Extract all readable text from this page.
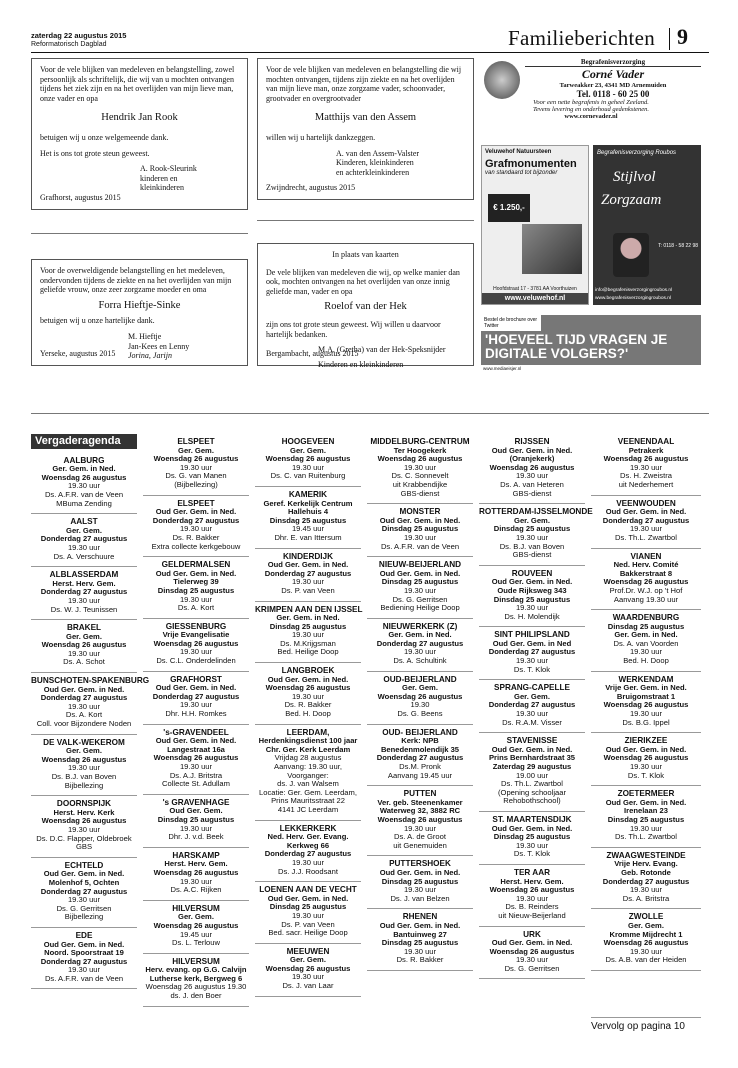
zaterdag 22 augustus 2015
Reformatorisch Dagblad	Familieberichten 9

Voor de vele blijken van medeleven en belangstelling, zowel persoonlijk als schriftelijk, die wij van u mochten ontvangen tijdens het ziek zijn en na het overlijden van mijn lieve man, onze vader en opa

Hendrik Jan Rook

betuigen wij u onze welgemeende dank.

Het is ons tot grote steun geweest.

A. Rook-Sleurink
kinderen en
kleinkinderen
Grafhorst, augustus 2015

Voor de vele blijken van medeleven en belangstelling die wij mochten ontvangen, tijdens zijn ziekte en na het overlijden van mijn lieve man, onze zorgzame vader, schoonvader, grootvader en overgrootvader

Matthijs van den Assem

willen wij u hartelijk dankzeggen.

A. van den Assem-Valster
Kinderen, kleinkinderen
en achterkleinkinderen
Zwijndrecht, augustus 2015

Voor de overweldigende belangstelling en het medeleven, ondervonden tijdens de ziekte en na het overlijden van mijn geliefde vrouw, onze zeer zorgzame moeder en oma

Forra Hieftje-Sinke

betuigen wij u onze hartelijke dank.

M. Hieftje
Jan-Kees en Lenny
Jorina, Jarijn
Yerseke, augustus 2015
In plaats van kaarten

De vele blijken van medeleven die wij, op welke manier dan ook, mochten ontvangen na het overlijden van onze innig geliefde man, vader en opa

Roelof van der Hek

zijn ons tot grote steun geweest. Wij willen u daarvoor hartelijk bedanken.

M.A. (Gretha) van der Hek-Speksnijder
Kinderen en kleinkinderen
Bergambacht, augustus 2015
Begrafenisverzorging
Corné Vader
Tarweakker 23, 4341 MD Arnemuiden
Tel. 0118 - 60 25 00
Voor een nette begrafenis in geheel Zeeland.
Tevens levering en onderhoud gedenkstenen.
www.cornevader.nl
Veluwehof Natuursteen
Grafmonumenten
van standaard tot bijzonder
€ 1.250,-
Hoofdstraat 17 - 3781 AA Voorthuizen
www.veluwehof.nl
Begrafenisverzorging Roubos
Stijlvol
Zorgzaam
T: 0118 - 58 22 98
info@begrafenisverzorgingroubos.nl
www.begrafenisverzorgingroubos.nl
Bestel de brochure over Twitter
'HOEVEEL TIJD VRAGEN JE DIGITALE VOLGERS?'
www.mediaeisjer.nl
Vergaderagenda
AALBURG
Ger. Gem. in Ned.
Woensdag 26 augustus
19.30 uur
Ds. A.F.R. van de Veen
MBuma Zending
AALST
Ger. Gem.
Donderdag 27 augustus
19.30 uur
Ds. A. Verschuure
ALBLASSERDAM
Herst. Herv. Gem.
Donderdag 27 augustus
19.30 uur
Ds. W. J. Teunissen
BRAKEL
Ger. Gem.
Woensdag 26 augustus
19.30 uur
Ds. A. Schot
BUNSCHOTEN-SPAKENBURG
Oud Ger. Gem. in Ned.
Donderdag 27 augustus
19.30 uur
Ds. A. Kort
Coll. voor Bijzondere Noden
DE VALK-WEKEROM
Ger. Gem.
Woensdag 26 augustus
19.30 uur
Ds. B.J. van Boven
Bijbellezing
DOORNSPIJK
Herst. Herv. Kerk
Woensdag 26 augustus
19.30 uur
Ds. D.C. Flapper, Oldebroek
GBS
ECHTELD
Oud Ger. Gem. in Ned.
Molenhof 5, Ochten
Donderdag 27 augustus
19.30 uur
Ds. G. Gerritsen
Bijbellezing
EDE
Oud Ger. Gem. in Ned.
Noord. Spoorstraat 19
Donderdag 27 augustus
19.30 uur
Ds. A.F.R. van de Veen
ELSPEET
Ger. Gem.
Woensdag 26 augustus
19.30 uur
Ds. G. van Manen
(Bijbellezing)
ELSPEET
Oud Ger. Gem. in Ned.
Donderdag 27 augustus
19.30 uur
Ds. R. Bakker
Extra collecte kerkgebouw
GELDERMALSEN
Oud Ger. Gem. in Ned.
Tielerweg 39
Dinsdag 25 augustus
19.30 uur
Ds. A. Kort
GIESSENBURG
Vrije Evangelisatie
Woensdag 26 augustus
19.30 uur
Ds. C.L. Onderdelinden
GRAFHORST
Oud Ger. Gem. in Ned.
Donderdag 27 augustus
19.30 uur
Dhr. H.H. Romkes
's-GRAVENDEEL
Oud Ger. Gem. in Ned.
Langestraat 16a
Woensdag 26 augustus
19.30 uur
Ds. A.J. Britstra
Collecte St. Adullam
's GRAVENHAGE
Oud Ger. Gem.
Dinsdag 25 augustus
19.30 uur
Dhr. J. v.d. Beek
HARSKAMP
Herst. Herv. Gem.
Woensdag 26 augustus
19.30 uur
Ds. A.C. Rijken
HILVERSUM
Ger. Gem.
Woensdag 26 augustus
19.45 uur
Ds. L. Terlouw
HILVERSUM
Herv. evang. op G.G. Calvijn
Lutherse kerk, Bergweg 6
Woensdag 26 augustus 19.30
ds. J. den Boer
HOOGEVEEN
Ger. Gem.
Woensdag 26 augustus
19.30 uur
Ds. C. van Ruitenburg
KAMERIK
Geref. Kerkelijk Centrum
Hallehuis 4
Dinsdag 25 augustus
19.45 uur
Dhr. E. van Ittersum
KINDERDIJK
Oud Ger. Gem. in Ned.
Donderdag 27 augustus
19.30 uur
Ds. P. van Veen
KRIMPEN AAN DEN IJSSEL
Ger. Gem. in Ned.
Dinsdag 25 augustus
19.30 uur
Ds. M.Krijgsman
Bed. Heilige Doop
LANGBROEK
Oud Ger. Gem. in Ned.
Woensdag 26 augustus
19.30 uur
Ds. R. Bakker
Bed. H. Doop
LEERDAM,
Herdenkingsdienst 100 jaar
Chr. Ger. Kerk Leerdam
Vrijdag 28 augustus
Aanvang: 19.30 uur,
Voorganger:
ds. J. van Walsem
Locatie: Ger. Gem. Leerdam,
Prins Mauritsstraat 22
4141 JC Leerdam
LEKKERKERK
Ned. Herv. Ger. Evang.
Kerkweg 66
Donderdag 27 augustus
19.30 uur
Ds. J.J. Roodsant
LOENEN AAN DE VECHT
Oud Ger. Gem. in Ned.
Dinsdag 25 augustus
19.30 uur
Ds. P. van Veen
Bed. sacr. Heilige Doop
MEEUWEN
Ger. Gem.
Woensdag 26 augustus
19.30 uur
Ds. J. van Laar
MIDDELBURG-CENTRUM
Ter Hoogekerk
Woensdag 26 augustus
19.30 uur
Ds. C. Sonnevelt
uit Krabbendijke
GBS-dienst
MONSTER
Oud Ger. Gem. in Ned.
Dinsdag 25 augustus
19.30 uur
Ds. A.F.R. van de Veen
NIEUW-BEIJERLAND
Oud Ger. Gem. in Ned.
Dinsdag 25 augustus
19.30 uur
Ds. G. Gerritsen
Bediening Heilige Doop
NIEUWERKERK (Z)
Ger. Gem. in Ned.
Donderdag 27 augustus
19.30 uur
Ds. A. Schultink
OUD-BEIJERLAND
Ger. Gem.
Woensdag 26 augustus
19.30
Ds. G. Beens
OUD- BEIJERLAND
Kerk: NPB
Benedenmolendijk 35
Donderdag 27 augustus
Ds.M. Pronk
Aanvang 19.45 uur
PUTTEN
Ver. geb. Steenenkamer
Waterweg 32, 3882 RC
Woensdag 26 augustus
19.30 uur
Ds. A. de Groot
uit Genemuiden
PUTTERSHOEK
Oud Ger. Gem. in Ned.
Dinsdag 25 augustus
19.30 uur
Ds. J. van Belzen
RHENEN
Oud Ger. Gem. in Ned.
Bantuinweg 27
Dinsdag 25 augustus
19.30 uur
Ds. R. Bakker
RIJSSEN
Oud Ger. Gem. in Ned.
(Oranjekerk)
Woensdag 26 augustus
19.30 uur
Ds. A. van Heteren
GBS-dienst
ROTTERDAM-IJSSELMONDE
Ger. Gem.
Dinsdag 25 augustus
19.30 uur
Ds. B.J. van Boven
GBS-dienst
ROUVEEN
Oud Ger. Gem. in Ned.
Oude Rijksweg 343
Dinsdag 25 augustus
19.30 uur
Ds. H. Molendijk
SINT PHILIPSLAND
Oud Ger. Gem. in Ned
Donderdag 27 augustus
19.30 uur
Ds. T. Klok
SPRANG-CAPELLE
Ger. Gem.
Donderdag 27 augustus
19.30 uur
Ds. R.A.M. Visser
STAVENISSE
Oud Ger. Gem. in Ned.
Prins Bernhardstraat 35
Zaterdag 29 augustus
19.00 uur
Ds. Th.L. Zwartbol
(Opening schooljaar
Rehobothschool)
ST. MAARTENSDIJK
Oud Ger. Gem. in Ned.
Dinsdag 25 augustus
19.30 uur
Ds. T. Klok
TER AAR
Herst. Herv. Gem.
Woensdag 26 augustus
19.30 uur
Ds. B. Reinders
uit Nieuw-Beijerland
URK
Oud Ger. Gem. in Ned.
Woensdag 26 augustus
19.30 uur
Ds. G. Gerritsen
VEENENDAAL
Petrakerk
Woensdag 26 augustus
19.30 uur
Ds. H. Zweistra
uit Nederhemert
VEENWOUDEN
Oud Ger. Gem. in Ned.
Donderdag 27 augustus
19.30 uur
Ds. Th.L. Zwartbol
VIANEN
Ned. Herv. Comité
Bakkerstraat 8
Woensdag 26 augustus
Prof.Dr. W.J. op 't Hof
Aanvang 19.30 uur
WAARDENBURG
Dinsdag 25 augustus
Ger. Gem. in Ned.
Ds. A. van Voorden
19.30 uur
Bed. H. Doop
WERKENDAM
Vrije Ger. Gem. in Ned.
Bruigomstraat 1
Woensdag 26 augustus
19.30 uur
Ds. B.G. Ippel
ZIERIKZEE
Oud Ger. Gem. in Ned.
Woensdag 26 augustus
19.30 uur
Ds. T. Klok
ZOETERMEER
Oud Ger. Gem. in Ned.
Irenelaan 23
Dinsdag 25 augustus
19.30 uur
Ds. Th.L. Zwartbol
ZWAAGWESTEINDE
Vrije Herv. Evang.
Geb. Rotonde
Donderdag 27 augustus
19.30 uur
Ds. A. Britstra
ZWOLLE
Ger. Gem.
Kromme Mijdrecht 1
Woensdag 26 augustus
19.30 uur
Ds. A.B. van der Heiden
Vervolg op pagina 10
